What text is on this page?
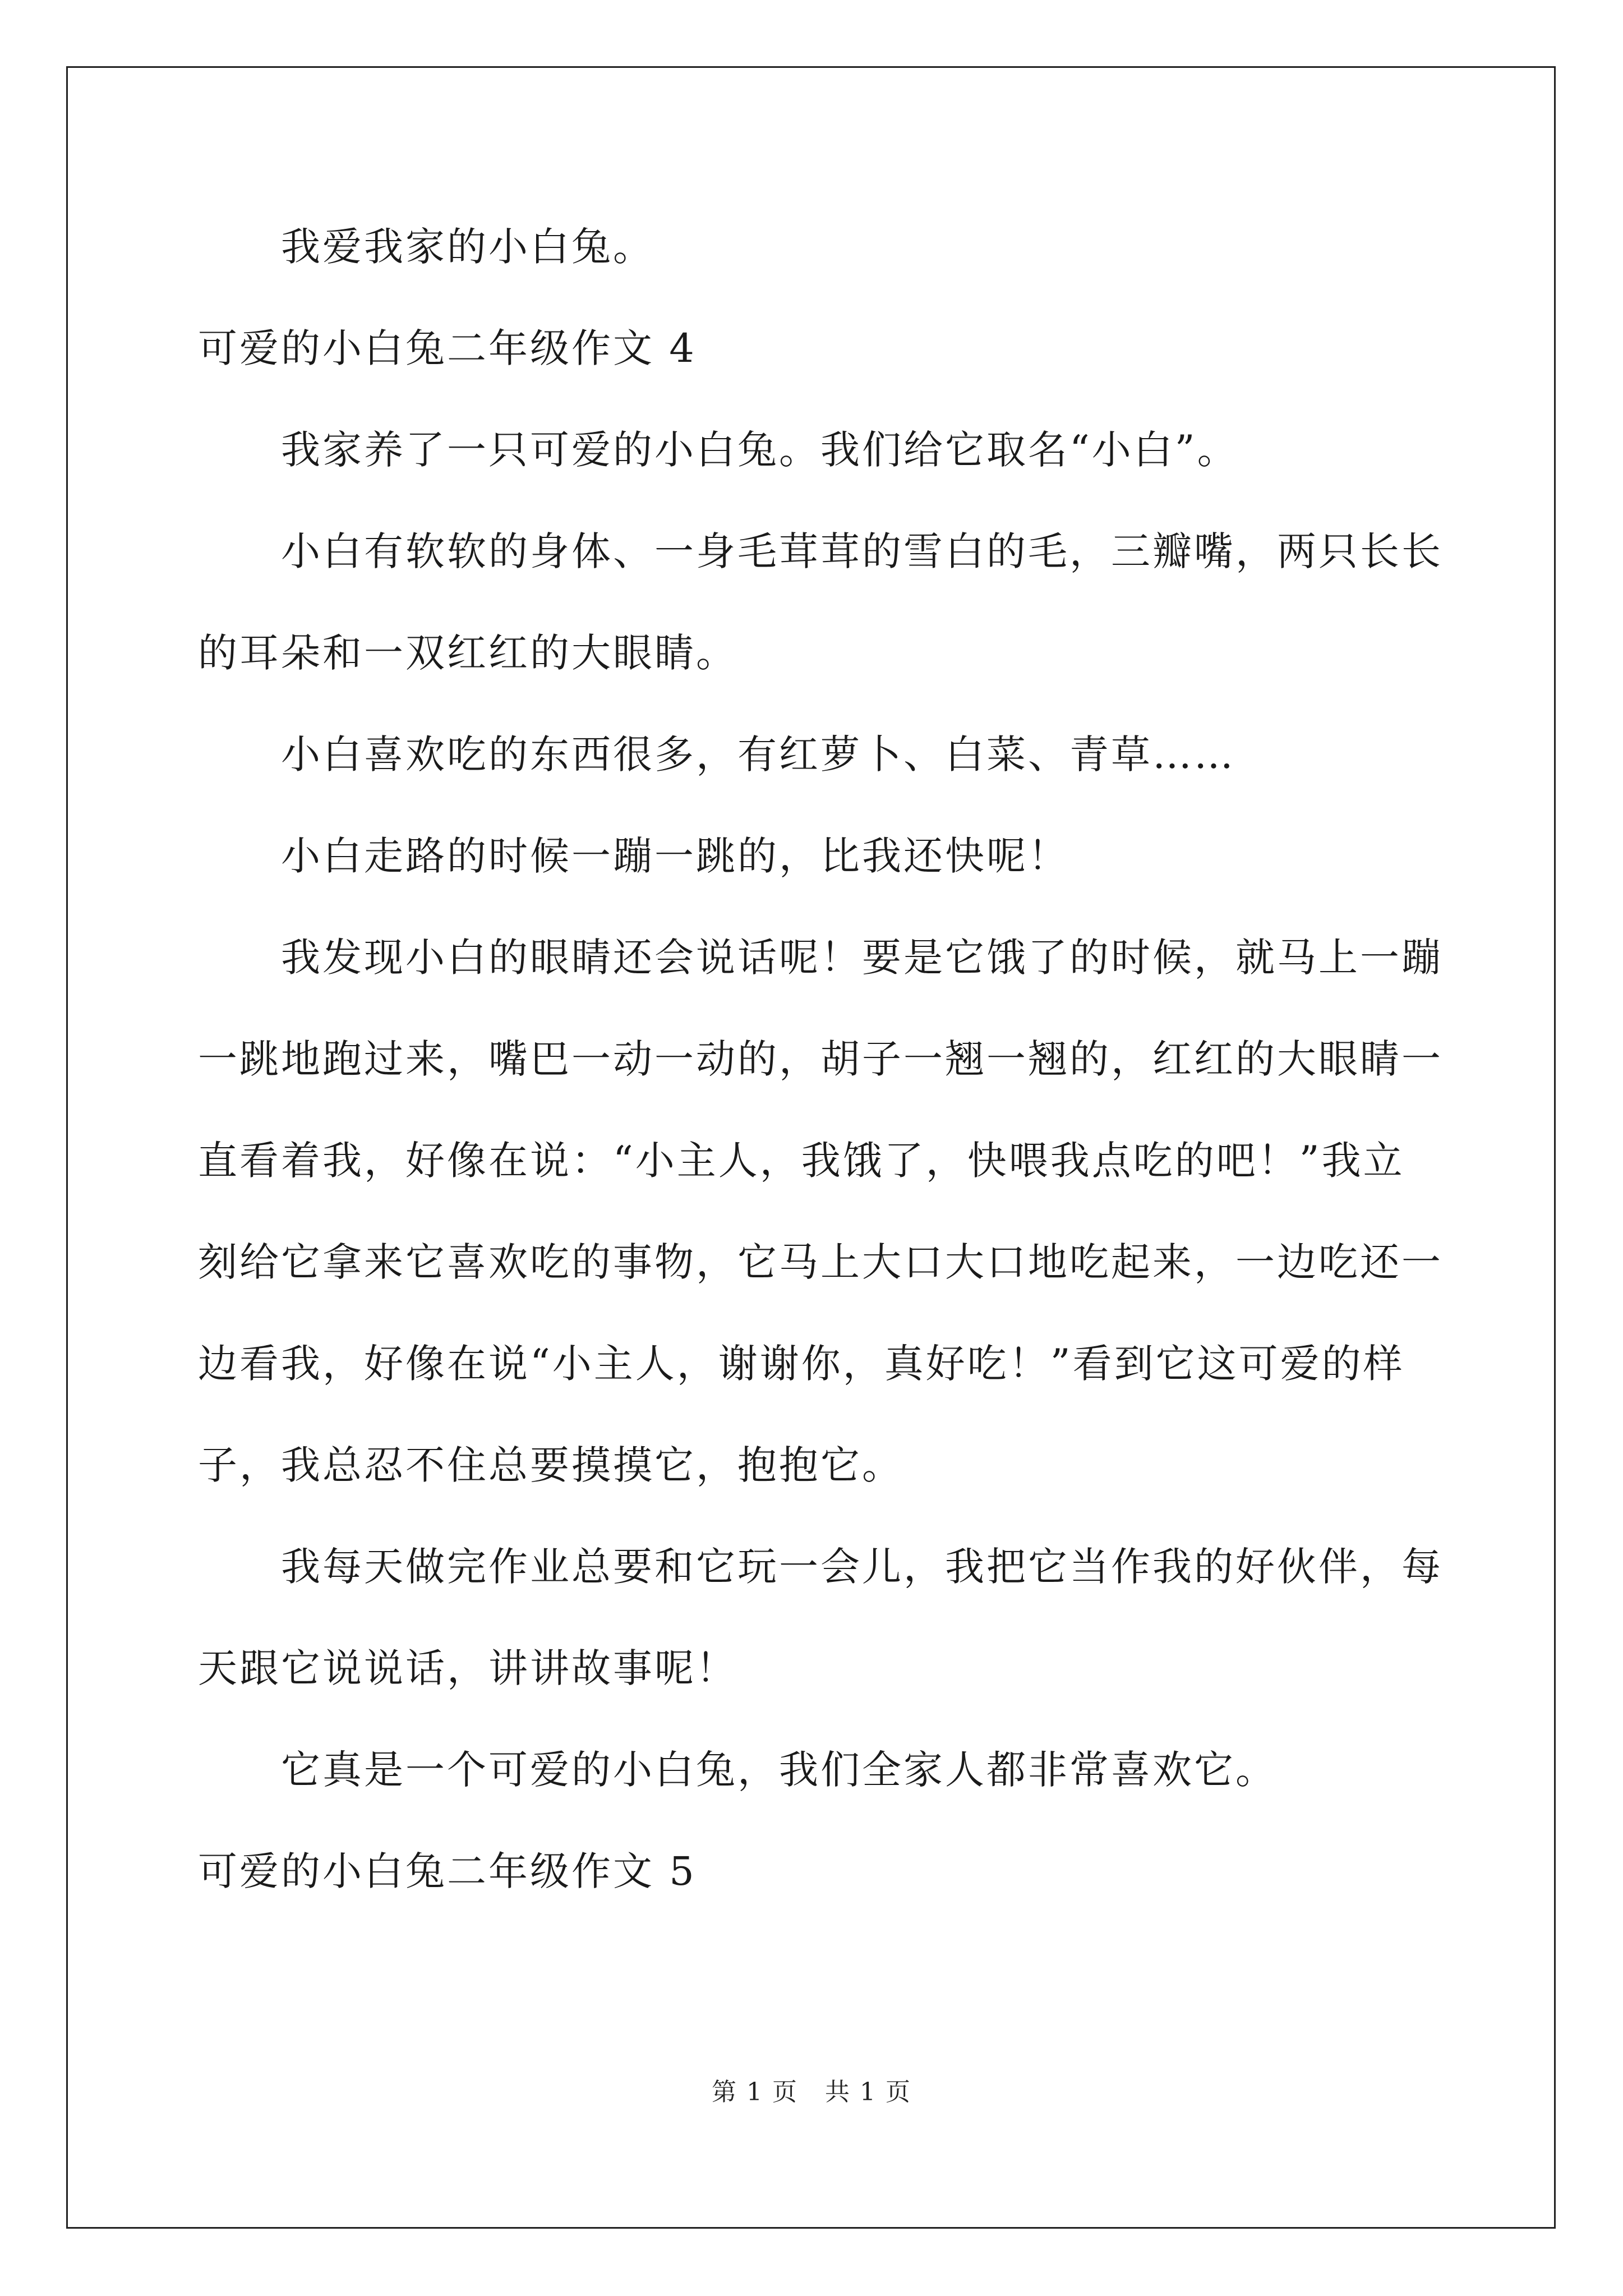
我爱我家的小白兔。
可爱的小白兔二年级作文 4
我家养了一只可爱的小白兔。我们给它取名“小白”。
小白有软软的身体、一身毛茸茸的雪白的毛，三瓣嘴，两只长长
的耳朵和一双红红的大眼睛。
小白喜欢吃的东西很多，有红萝卜、白菜、青草……
小白走路的时候一蹦一跳的，比我还快呢！
我发现小白的眼睛还会说话呢！要是它饿了的时候，就马上一蹦
一跳地跑过来，嘴巴一动一动的，胡子一翘一翘的，红红的大眼睛一
直看着我，好像在说：“小主人，我饿了，快喂我点吃的吧！”我立
刻给它拿来它喜欢吃的事物，它马上大口大口地吃起来，一边吃还一
边看我，好像在说“小主人，谢谢你，真好吃！”看到它这可爱的样
子，我总忍不住总要摸摸它，抱抱它。
我每天做完作业总要和它玩一会儿，我把它当作我的好伙伴，每
天跟它说说话，讲讲故事呢！
它真是一个可爱的小白兔，我们全家人都非常喜欢它。
可爱的小白兔二年级作文 5
第 1 页 共 1 页
